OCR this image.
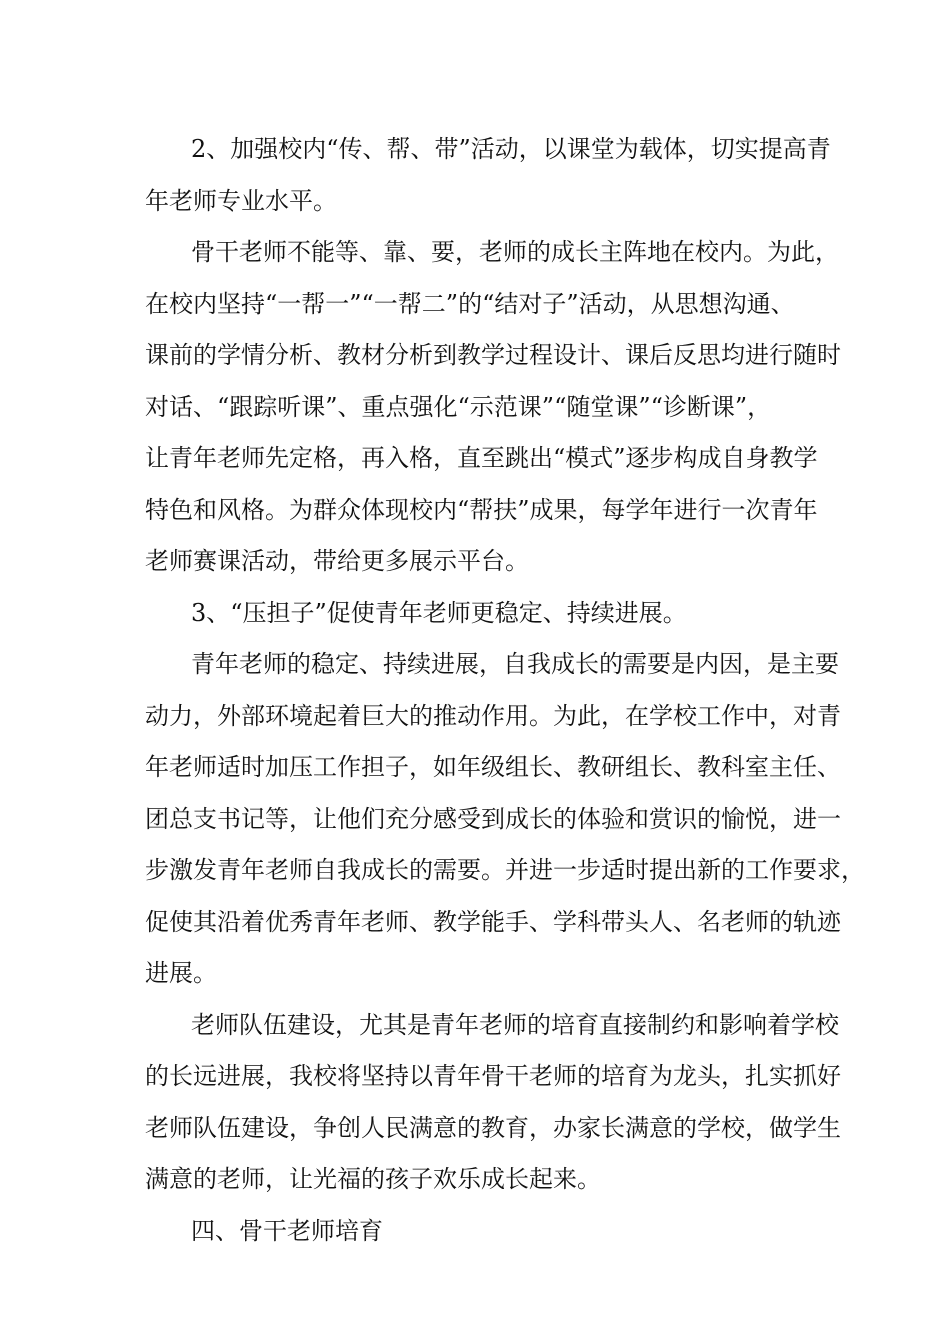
2、加强校内“传、帮、带”活动，以课堂为载体，切实提高青
年老师专业水平。
骨干老师不能等、靠、要，老师的成长主阵地在校内。为此，
在校内坚持“一帮一”“一帮二”的“结对子”活动，从思想沟通、
课前的学情分析、教材分析到教学过程设计、课后反思均进行随时
对话、“跟踪听课”、重点强化“示范课”“随堂课”“诊断课”，
让青年老师先定格，再入格，直至跳出“模式”逐步构成自身教学
特色和风格。为群众体现校内“帮扶”成果，每学年进行一次青年
老师赛课活动，带给更多展示平台。
3、“压担子”促使青年老师更稳定、持续进展。
青年老师的稳定、持续进展，自我成长的需要是内因，是主要
动力，外部环境起着巨大的推动作用。为此，在学校工作中，对青
年老师适时加压工作担子，如年级组长、教研组长、教科室主任、
团总支书记等，让他们充分感受到成长的体验和赏识的愉悦，进一
步激发青年老师自我成长的需要。并进一步适时提出新的工作要求，
促使其沿着优秀青年老师、教学能手、学科带头人、名老师的轨迹
进展。
老师队伍建设，尤其是青年老师的培育直接制约和影响着学校
的长远进展，我校将坚持以青年骨干老师的培育为龙头，扎实抓好
老师队伍建设，争创人民满意的教育，办家长满意的学校，做学生
满意的老师，让光福的孩子欢乐成长起来。
四、骨干老师培育
